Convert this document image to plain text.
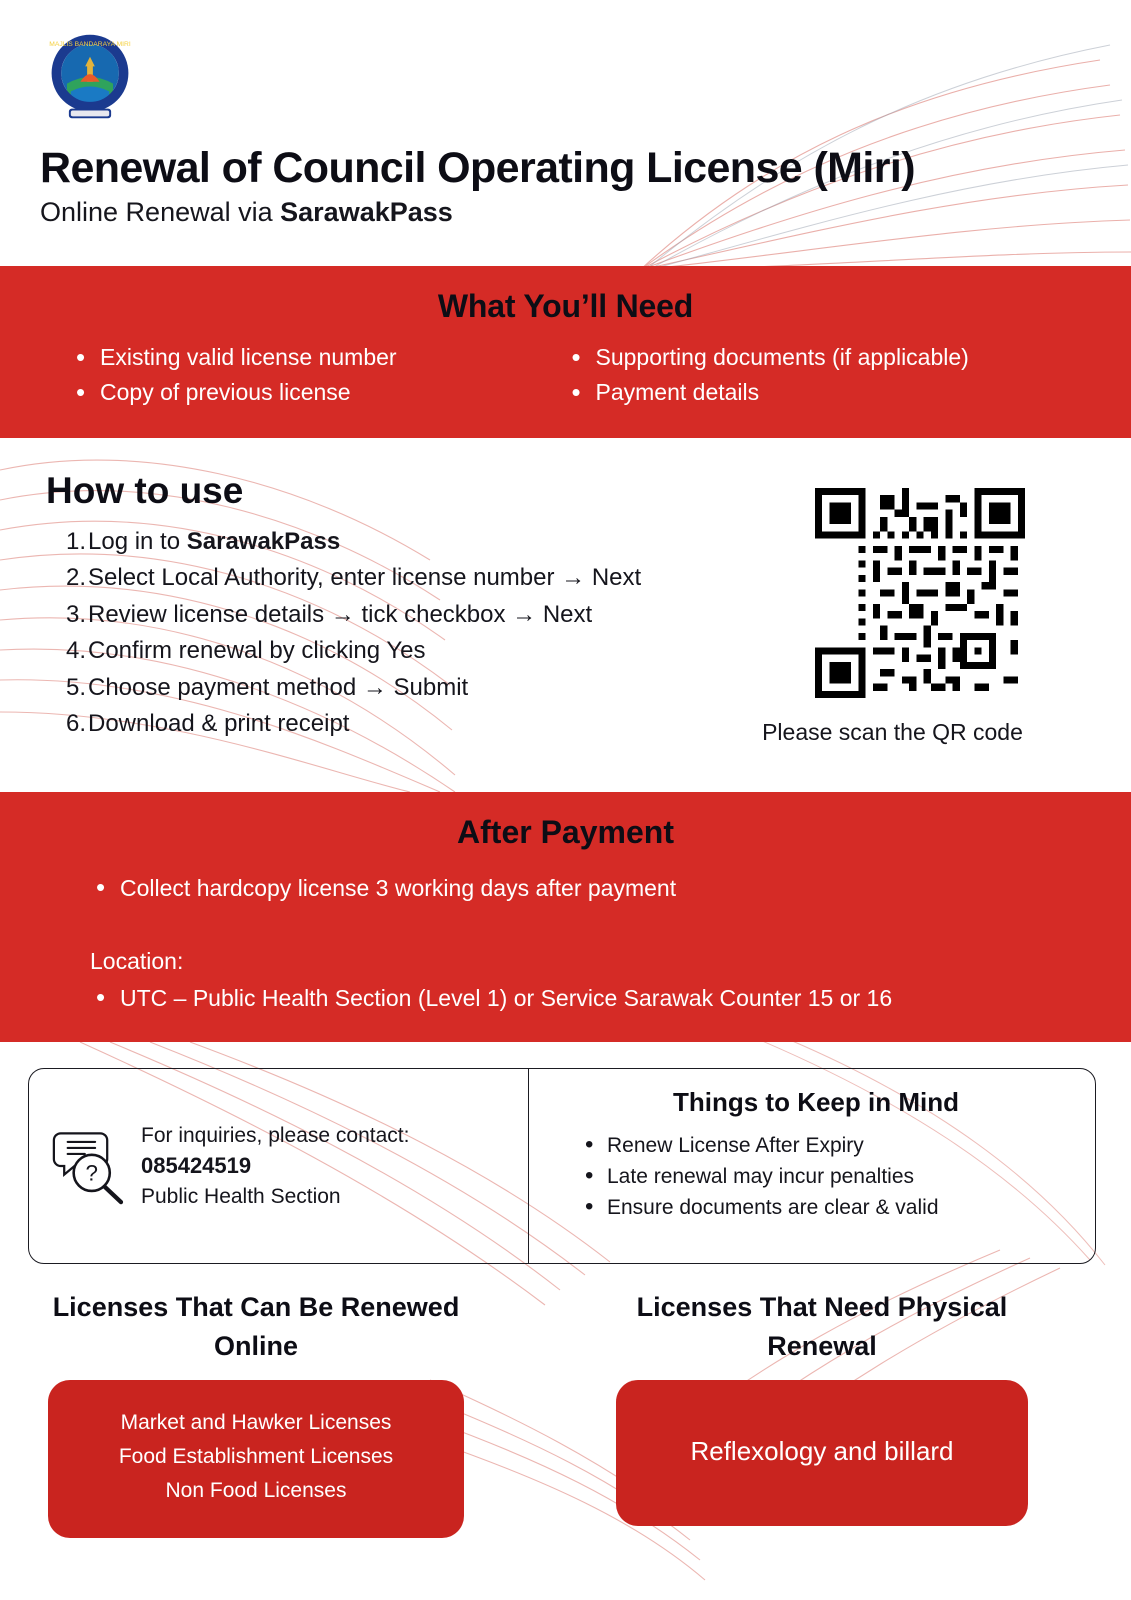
MAJLIS BANDARAYA MIRI
Renewal of Council Operating License (Miri)
Online Renewal via SarawakPass
What You’ll Need
• Existing valid license number
• Copy of previous license
• Supporting documents (if applicable)
• Payment details
How to use
Log in to SarawakPass
Select Local Authority, enter license number → Next
Review license details → tick checkbox → Next
Confirm renewal by clicking Yes
Choose payment method → Submit
Download & print receipt	Please scan the QR code
After Payment
• Collect hardcopy license 3 working days after payment
Location:
• UTC – Public Health Section (Level 1) or Service Sarawak Counter 15 or 16
?
For inquiries, please contact:
085424519
Public Health Section
Things to Keep in Mind
• Renew License After Expiry
• Late renewal may incur penalties
• Ensure documents are clear & valid
Licenses That Can Be Renewed Online
Market and Hawker Licenses
Food Establishment Licenses
Non Food Licenses
Licenses That Need Physical Renewal
Reflexology and billard
